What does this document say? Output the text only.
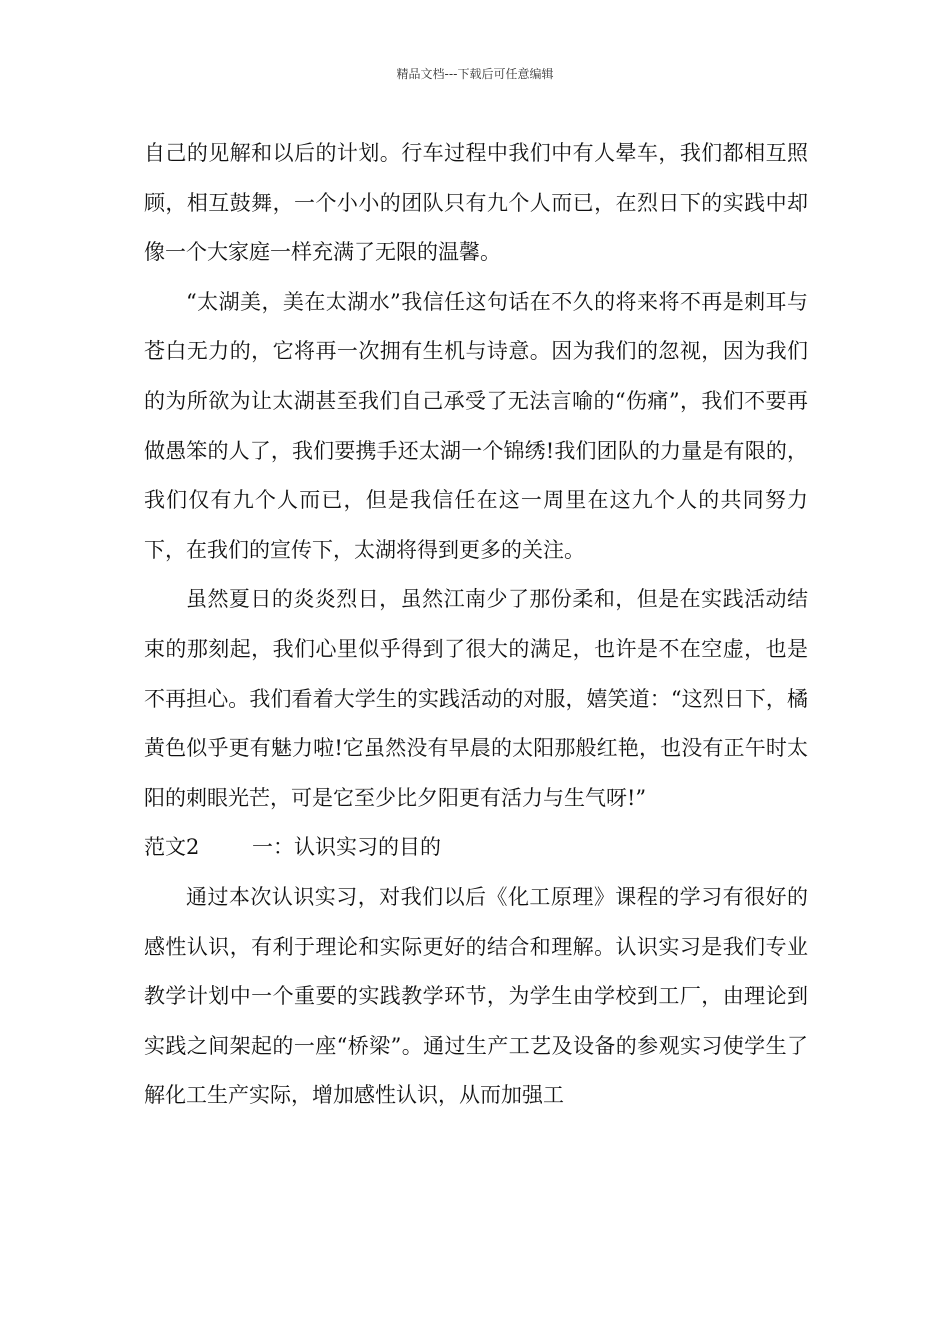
精品文档---下载后可任意编辑

自己的见解和以后的计划。行车过程中我们中有人晕车，我们都相互照顾，相互鼓舞，一个小小的团队只有九个人而已，在烈日下的实践中却像一个大家庭一样充满了无限的温馨。

“太湖美，美在太湖水”我信任这句话在不久的将来将不再是刺耳与苍白无力的，它将再一次拥有生机与诗意。因为我们的忽视，因为我们的为所欲为让太湖甚至我们自己承受了无法言喻的“伤痛”，我们不要再做愚笨的人了，我们要携手还太湖一个锦绣!我们团队的力量是有限的，我们仅有九个人而已，但是我信任在这一周里在这九个人的共同努力下，在我们的宣传下，太湖将得到更多的关注。

虽然夏日的炎炎烈日，虽然江南少了那份柔和，但是在实践活动结束的那刻起，我们心里似乎得到了很大的满足，也许是不在空虚，也是不再担心。我们看着大学生的实践活动的对服，嬉笑道：“这烈日下，橘黄色似乎更有魅力啦!它虽然没有早晨的太阳那般红艳，也没有正午时太阳的刺眼光芒，可是它至少比夕阳更有活力与生气呀!”

范文2	一：认识实习的目的

通过本次认识实习，对我们以后《化工原理》课程的学习有很好的感性认识，有利于理论和实际更好的结合和理解。认识实习是我们专业教学计划中一个重要的实践教学环节，为学生由学校到工厂，由理论到实践之间架起的一座“桥梁”。通过生产工艺及设备的参观实习使学生了解化工生产实际，增加感性认识，从而加强工
